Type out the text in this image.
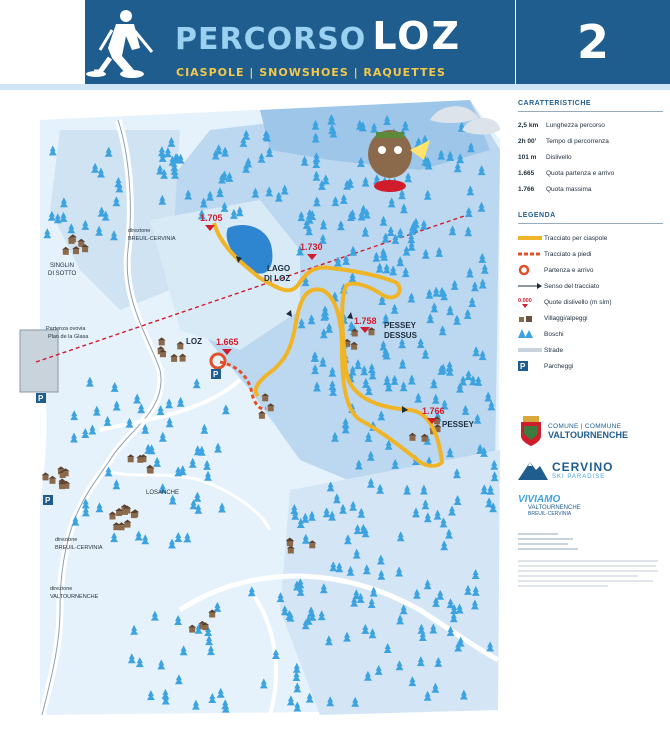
PERCORSO LOZ
CIASPOLE | SNOWSHOES | RAQUETTES
2
1.705
1.730
1.758
1.665
1.766
LAGO
DI LOZ
PESSEY
DESSUS
PESSEY
LOZ
LOSANCHE
SINGLIN
DI SOTTO
Partenza ovovia
Plan de la Glasa
direzione
BREUIL-CERVINIA
direzione
BREUIL-CERVINIA
direzione
VALTOURNENCHE
P
P
P
CARATTERISTICHE
2,5 km	Lunghezza percorso
2h 00'	Tempo di percorrenza
101 m	Dislivello
1.665	Quota partenza e arrivo
1.766	Quota massima
LEGENDA
Tracciato per ciaspole
Tracciato a piedi
Partenza e arrivo
Senso del tracciato
0.000 Quote dislivello (m slm)
Villaggi/alpeggi
Boschi
Strade
P	Parcheggi
COMUNE | COMMUNE
VALTOURNENCHE
CERVINO
SKI PARADISE
VIVIAMO
VALTOURNENCHE
BREUIL-CERVINIA
